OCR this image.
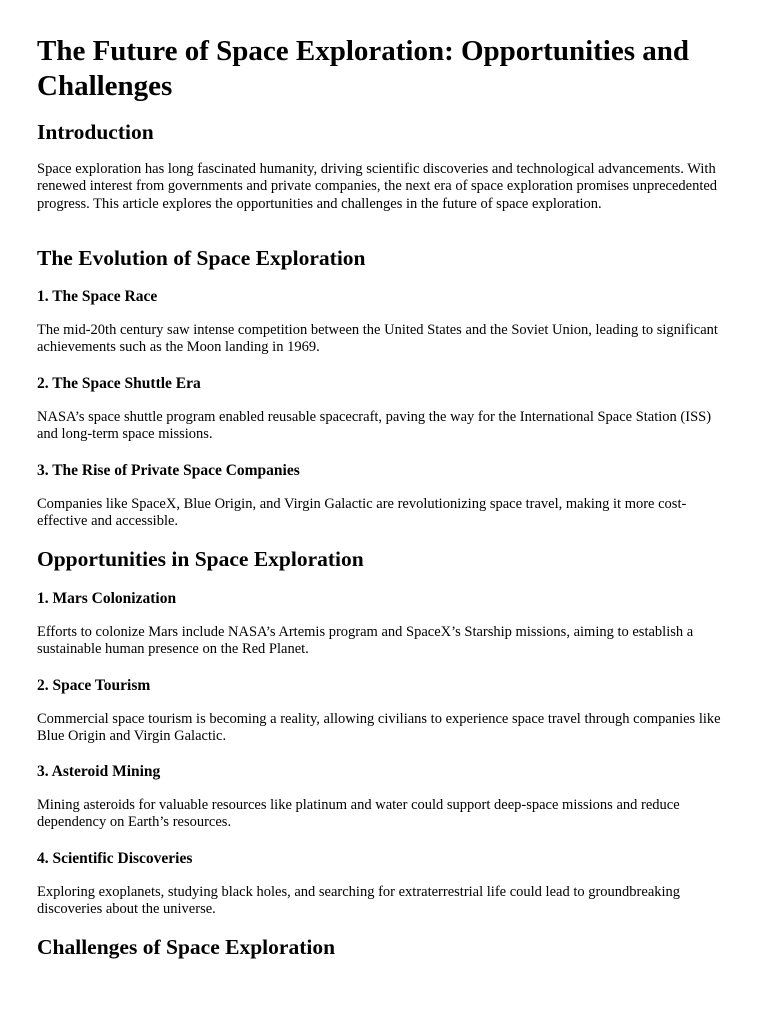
The Future of Space Exploration: Opportunities and Challenges
Introduction

Space exploration has long fascinated humanity, driving scientific discoveries and technological advancements. With renewed interest from governments and private companies, the next era of space exploration promises unprecedented progress. This article explores the opportunities and challenges in the future of space exploration.

The Evolution of Space Exploration
1. The Space Race

The mid-20th century saw intense competition between the United States and the Soviet Union, leading to significant achievements such as the Moon landing in 1969.

2. The Space Shuttle Era

NASA’s space shuttle program enabled reusable spacecraft, paving the way for the International Space Station (ISS) and long-term space missions.

3. The Rise of Private Space Companies

Companies like SpaceX, Blue Origin, and Virgin Galactic are revolutionizing space travel, making it more cost-effective and accessible.

Opportunities in Space Exploration
1. Mars Colonization

Efforts to colonize Mars include NASA’s Artemis program and SpaceX’s Starship missions, aiming to establish a sustainable human presence on the Red Planet.

2. Space Tourism

Commercial space tourism is becoming a reality, allowing civilians to experience space travel through companies like Blue Origin and Virgin Galactic.

3. Asteroid Mining

Mining asteroids for valuable resources like platinum and water could support deep-space missions and reduce dependency on Earth’s resources.

4. Scientific Discoveries

Exploring exoplanets, studying black holes, and searching for extraterrestrial life could lead to groundbreaking discoveries about the universe.

Challenges of Space Exploration
